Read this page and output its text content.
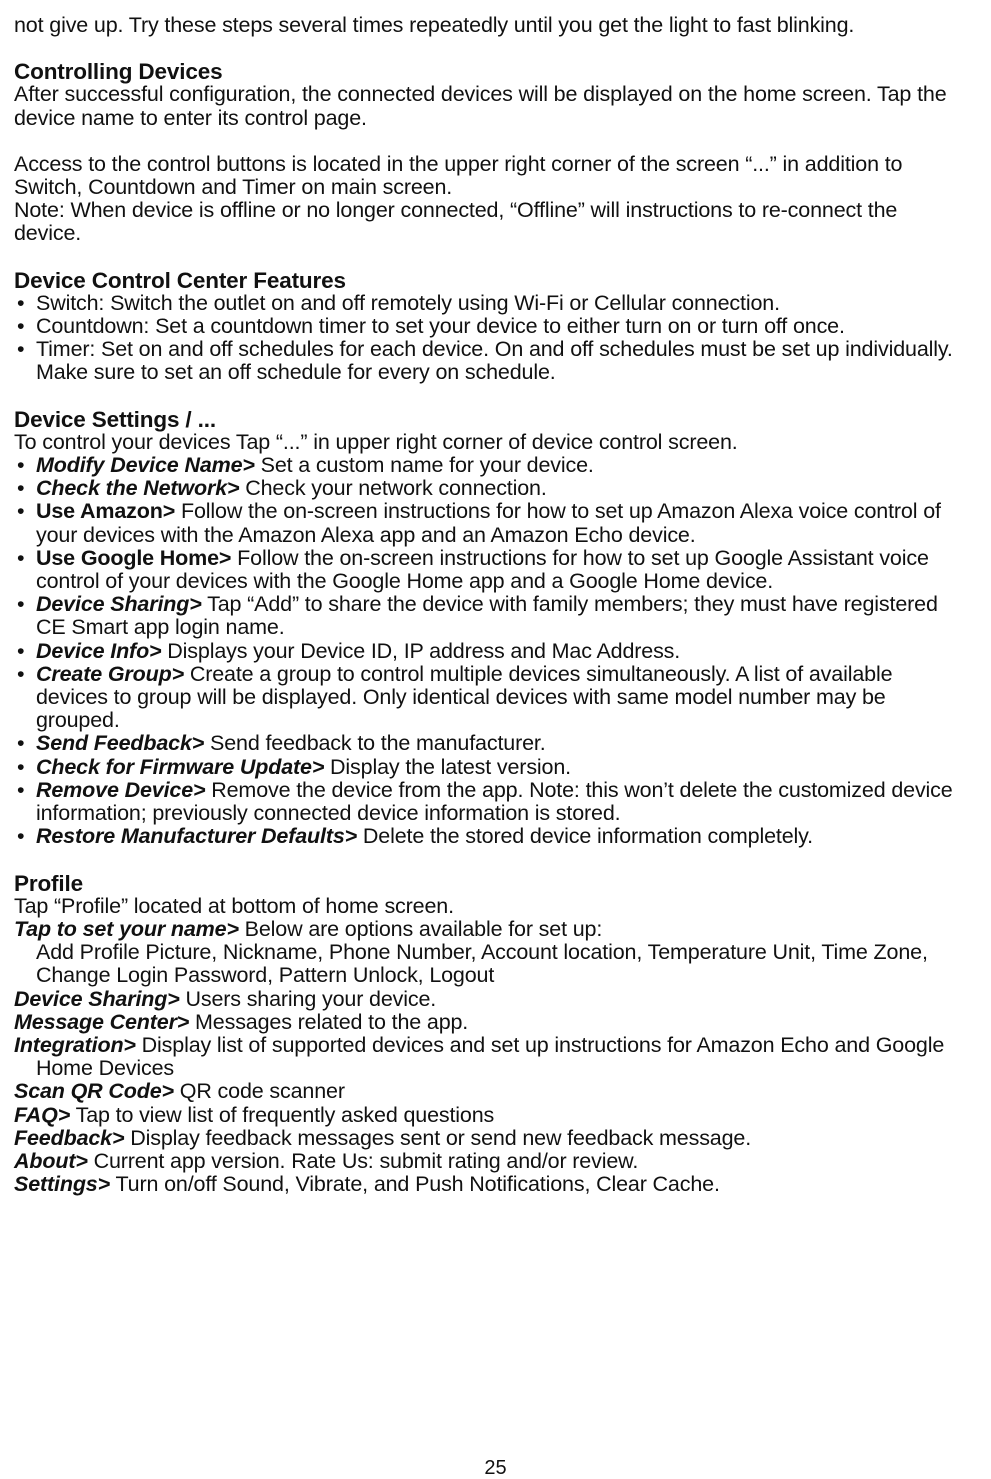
not give up. Try these steps several times repeatedly until you get the light to fast blinking.

Controlling Devices

After successful configuration, the connected devices will be displayed on the home screen. Tap the device name to enter its control page.

Access to the control buttons is located in the upper right corner of the screen “...” in addition to Switch, Countdown and Timer on main screen.

Note: When device is offline or no longer connected, “Offline” will instructions to re-connect the device.

Device Control Center Features

• Switch: Switch the outlet on and off remotely using Wi-Fi or Cellular connection.

• Countdown: Set a countdown timer to set your device to either turn on or turn off once.

• Timer: Set on and off schedules for each device. On and off schedules must be set up individually. Make sure to set an off schedule for every on schedule.

Device Settings / ...

To control your devices Tap “...” in upper right corner of device control screen.

• Modify Device Name> Set a custom name for your device.

• Check the Network> Check your network connection.

• Use Amazon> Follow the on-screen instructions for how to set up Amazon Alexa voice control of your devices with the Amazon Alexa app and an Amazon Echo device.

• Use Google Home> Follow the on-screen instructions for how to set up Google Assistant voice control of your devices with the Google Home app and a Google Home device.

• Device Sharing> Tap “Add” to share the device with family members; they must have registered CE Smart app login name.

• Device Info> Displays your Device ID, IP address and Mac Address.

• Create Group> Create a group to control multiple devices simultaneously. A list of available devices to group will be displayed. Only identical devices with same model number may be grouped.

• Send Feedback> Send feedback to the manufacturer.

• Check for Firmware Update> Display the latest version.

• Remove Device> Remove the device from the app. Note: this won’t delete the customized device information; previously connected device information is stored.

• Restore Manufacturer Defaults> Delete the stored device information completely.

Profile

Tap “Profile” located at bottom of home screen.

Tap to set your name> Below are options available for set up:

Add Profile Picture, Nickname, Phone Number, Account location, Temperature Unit, Time Zone, Change Login Password, Pattern Unlock, Logout

Device Sharing> Users sharing your device.

Message Center> Messages related to the app.

Integration> Display list of supported devices and set up instructions for Amazon Echo and Google Home Devices

Scan QR Code> QR code scanner

FAQ> Tap to view list of frequently asked questions

Feedback> Display feedback messages sent or send new feedback message.

About> Current app version. Rate Us: submit rating and/or review.

Settings> Turn on/off Sound, Vibrate, and Push Notifications, Clear Cache.

25
